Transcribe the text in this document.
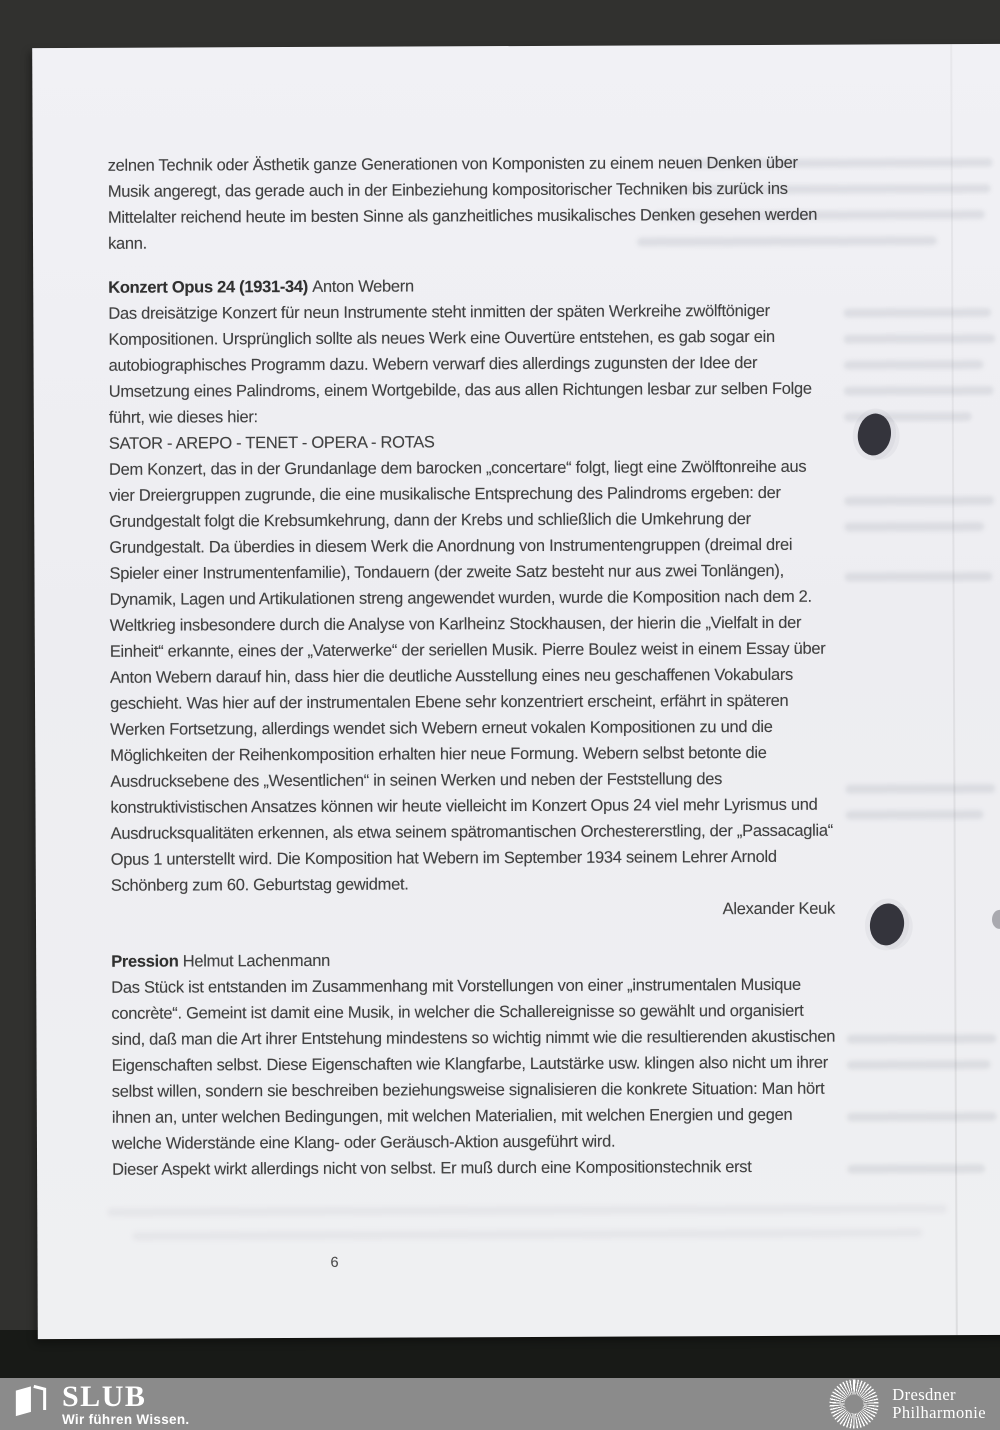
zelnen Technik oder Ästhetik ganze Generationen von Komponisten zu einem neuen Denken über Musik angeregt, das gerade auch in der Einbeziehung kompositorischer Techniken bis zurück ins Mittelalter reichend heute im besten Sinne als ganzheitliches musikalisches Denken gesehen werden kann.

Konzert Opus 24 (1931-34) Anton Webern

Das dreisätzige Konzert für neun Instrumente steht inmitten der späten Werkreihe zwölftöniger Kompositionen. Ursprünglich sollte als neues Werk eine Ouvertüre entstehen, es gab sogar ein autobiographisches Programm dazu. Webern verwarf dies allerdings zugunsten der Idee der Umsetzung eines Palindroms, einem Wortgebilde, das aus allen Richtungen lesbar zur selben Folge führt, wie dieses hier:

SATOR - AREPO - TENET - OPERA - ROTAS

Dem Konzert, das in der Grundanlage dem barocken „concertare“ folgt, liegt eine Zwölftonreihe aus vier Dreiergruppen zugrunde, die eine musikalische Entsprechung des Palindroms ergeben: der Grundgestalt folgt die Krebsumkehrung, dann der Krebs und schließlich die Umkehrung der Grundgestalt. Da überdies in diesem Werk die Anordnung von Instrumentengruppen (dreimal drei Spieler einer Instrumentenfamilie), Tondauern (der zweite Satz besteht nur aus zwei Tonlängen), Dynamik, Lagen und Artikulationen streng angewendet wurden, wurde die Komposition nach dem 2. Weltkrieg insbesondere durch die Analyse von Karlheinz Stockhausen, der hierin die „Vielfalt in der Einheit“ erkannte, eines der „Vaterwerke“ der seriellen Musik. Pierre Boulez weist in einem Essay über Anton Webern darauf hin, dass hier die deutliche Ausstellung eines neu geschaffenen Vokabulars geschieht. Was hier auf der instrumentalen Ebene sehr konzentriert erscheint, erfährt in späteren Werken Fortsetzung, allerdings wendet sich Webern erneut vokalen Kompositionen zu und die Möglichkeiten der Reihenkomposition erhalten hier neue Formung. Webern selbst betonte die Ausdrucksebene des „Wesentlichen“ in seinen Werken und neben der Feststellung des konstruktivistischen Ansatzes können wir heute vielleicht im Konzert Opus 24 viel mehr Lyrismus und Ausdrucksqualitäten erkennen, als etwa seinem spätromantischen Orchestererstling, der „Passacaglia“ Opus 1 unterstellt wird. Die Komposition hat Webern im September 1934 seinem Lehrer Arnold Schönberg zum 60. Geburtstag gewidmet.

Alexander Keuk

Pression Helmut Lachenmann

Das Stück ist entstanden im Zusammenhang mit Vorstellungen von einer „instrumentalen Musique concrète“. Gemeint ist damit eine Musik, in welcher die Schallereignisse so gewählt und organisiert sind, daß man die Art ihrer Entstehung mindestens so wichtig nimmt wie die resultierenden akustischen Eigenschaften selbst. Diese Eigenschaften wie Klangfarbe, Lautstärke usw. klingen also nicht um ihrer selbst willen, sondern sie beschreiben beziehungsweise signalisieren die konkrete Situation: Man hört ihnen an, unter welchen Bedingungen, mit welchen Materialien, mit welchen Energien und gegen welche Widerstände eine Klang- oder Geräusch-Aktion ausgeführt wird.

Dieser Aspekt wirkt allerdings nicht von selbst. Er muß durch eine Kompositionstechnik erst

6
SLUB
Wir führen Wissen.
Dresdner
Philharmonie
